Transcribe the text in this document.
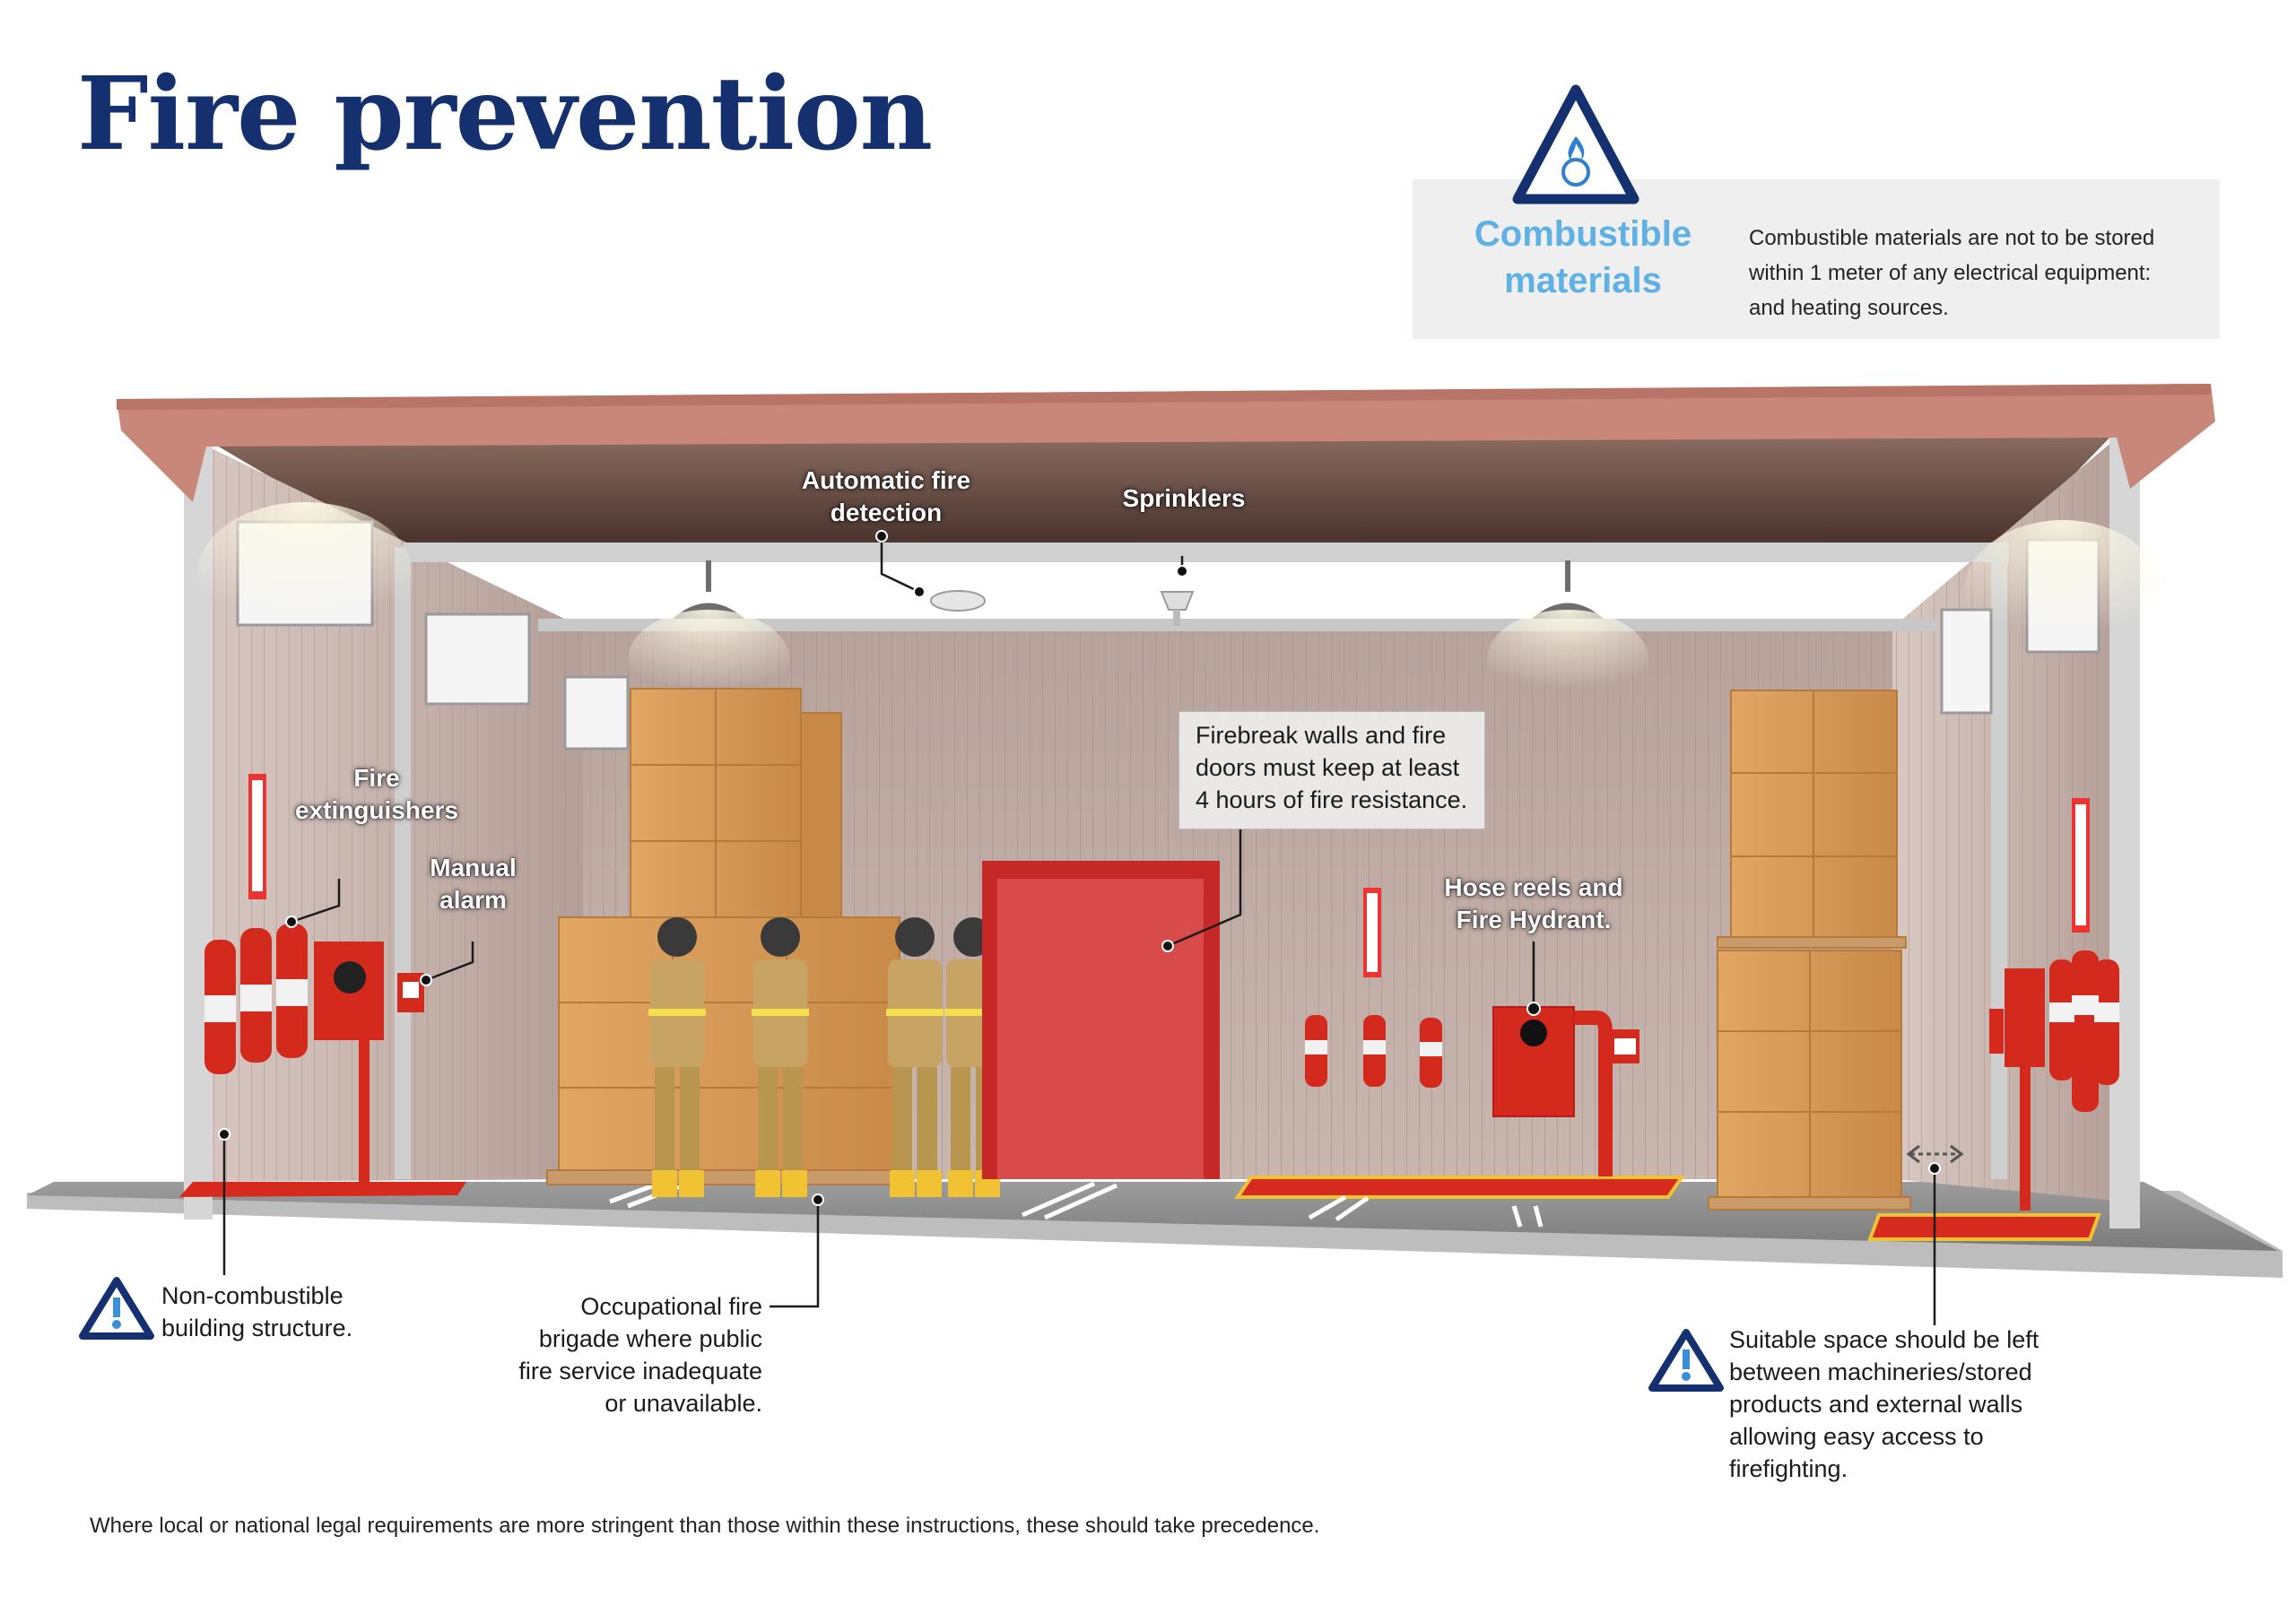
Fire prevention
Combustible
materials
Combustible materials are not to be stored
within 1 meter of any electrical equipment:
and heating sources.
Automatic fire
detection
Sprinklers
Fire
extinguishers
Manual
alarm	Hose reels and
Fire Hydrant.
Firebreak walls and fire
doors must keep at least
4 hours of fire resistance.
Non-combustible
building structure.
Occupational fire
brigade where public
fire service inadequate
or unavailable.
Suitable space should be left
between machineries/stored
products and external walls
allowing easy access to
firefighting.
Where local or national legal requirements are more stringent than those within these instructions, these should take precedence.
